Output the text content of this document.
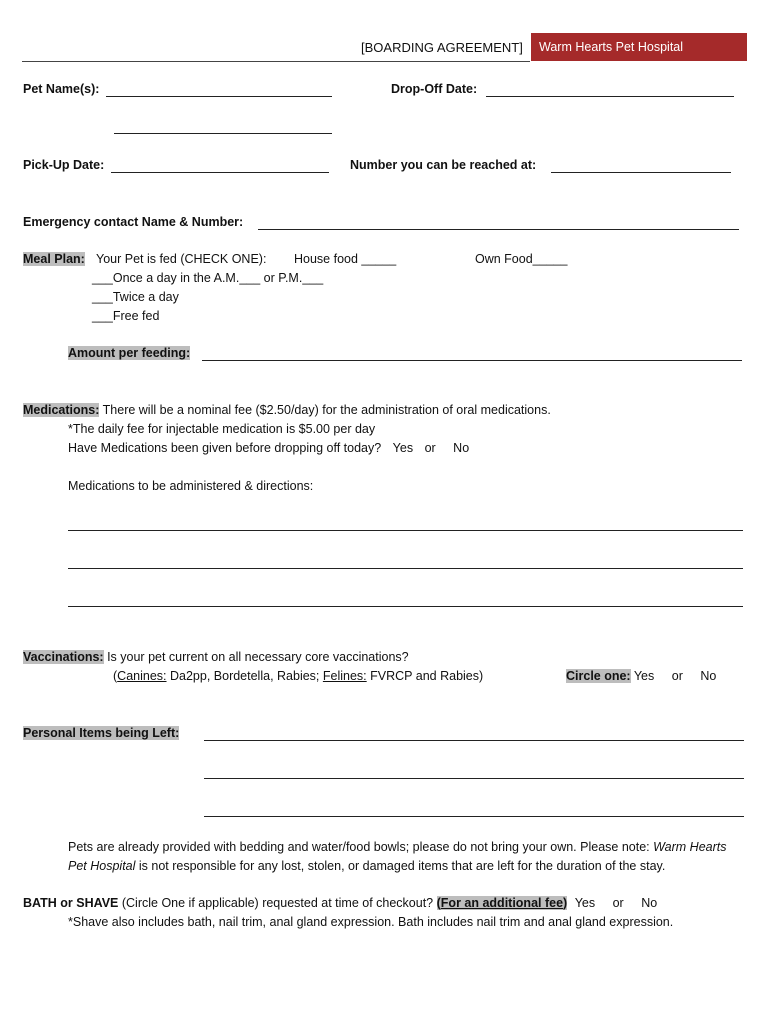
[BOARDING AGREEMENT]	Warm Hearts Pet Hospital
Pet Name(s):	Drop-Off Date:
Pick-Up Date:	Number you can be reached at:
Emergency contact Name & Number:
Meal Plan: Your Pet is fed (CHECK ONE): House food _____	Own Food_____
___Once a day in the A.M.___ or P.M.___
___Twice a day
___Free fed
Amount per feeding:
Medications: There will be a nominal fee ($2.50/day) for the administration of oral medications.
*The daily fee for injectable medication is $5.00 per day
Have Medications been given before dropping off today? Yes or No
Medications to be administered & directions:
Vaccinations: Is your pet current on all necessary core vaccinations?
(Canines: Da2pp, Bordetella, Rabies; Felines: FVRCP and Rabies)	Circle one: Yes or No
Personal Items being Left:
Pets are already provided with bedding and water/food bowls; please do not bring your own. Please note: Warm Hearts Pet Hospital is not responsible for any lost, stolen, or damaged items that are left for the duration of the stay.
BATH or SHAVE (Circle One if applicable) requested at time of checkout? (For an additional fee) Yes or No
*Shave also includes bath, nail trim, anal gland expression. Bath includes nail trim and anal gland expression.
